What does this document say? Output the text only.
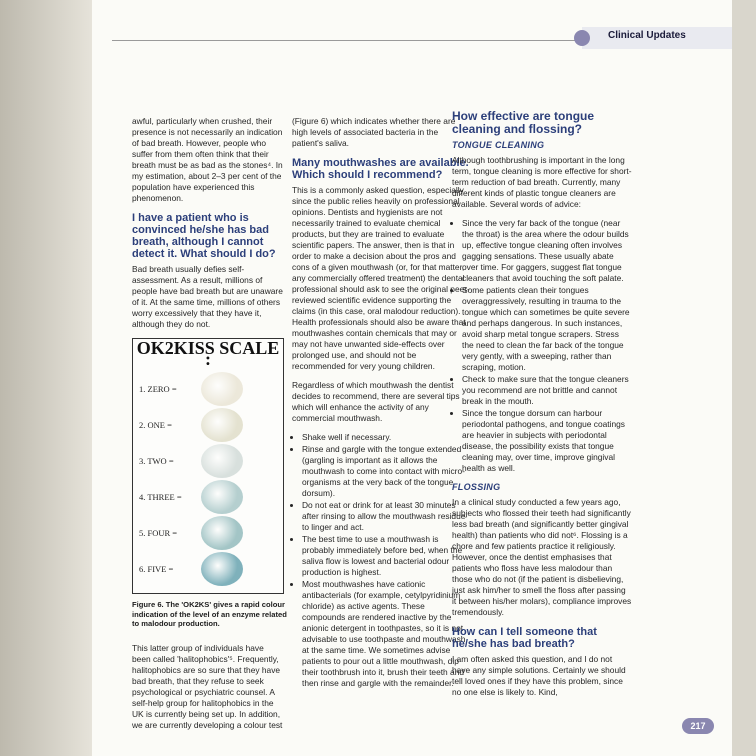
Clinical Updates

awful, particularly when crushed, their presence is not necessarily an indication of bad breath. However, people who suffer from them often think that their breath must be as bad as the stones⁴. In my estimation, about 2–3 per cent of the population have experienced this phenomenon.

I have a patient who is convinced he/she has bad breath, although I cannot detect it. What should I do?

Bad breath usually defies self-assessment. As a result, millions of people have bad breath but are unaware of it. At the same time, millions of others worry excessively that they have it, although they do not.

OK2KISS SCALE :
1. ZERO =
2. ONE =
3. TWO =
4. THREE =
5. FOUR =
6. FIVE =
Figure 6. The 'OK2KS' gives a rapid colour indication of the level of an enzyme related to malodour production.

This latter group of individuals have been called 'halitophobics'⁵. Frequently, halitophobics are so sure that they have bad breath, that they refuse to seek psychological or psychiatric counsel. A self-help group for halitophobics in the UK is currently being set up. In addition, we are currently developing a colour test

(Figure 6) which indicates whether there are high levels of associated bacteria in the patient's saliva.

Many mouthwashes are available. Which should I recommend?

This is a commonly asked question, especially since the public relies heavily on professional opinions. Dentists and hygienists are not necessarily trained to evaluate chemical products, but they are trained to evaluate scientific papers. The answer, then is that in order to make a decision about the pros and cons of a given mouthwash (or, for that matter, any commercially offered treatment) the dental professional should ask to see the original peer-reviewed scientific evidence supporting the claims (in this case, oral malodour reduction). Health professionals should also be aware that mouthwashes contain chemicals that may or may not have unwanted side-effects over prolonged use, and should not be recommended for very young children.

Regardless of which mouthwash the dentist decides to recommend, there are several tips which will enhance the activity of any commercial mouthwash.

• Shake well if necessary.
• Rinse and gargle with the tongue extended (gargling is important as it allows the mouthwash to come into contact with micro-organisms at the very back of the tongue dorsum).
• Do not eat or drink for at least 30 minutes after rinsing to allow the mouthwash residue to linger and act.
• The best time to use a mouthwash is probably immediately before bed, when the saliva flow is lowest and bacterial odour production is highest.
• Most mouthwashes have cationic antibacterials (for example, cetylpyridinium chloride) as active agents. These compounds are rendered inactive by the anionic detergent in toothpastes, so it is not advisable to use toothpaste and mouthwash at the same time. We sometimes advise patients to pour out a little mouthwash, dip their toothbrush into it, brush their teeth and then rinse and gargle with the remainder.
How effective are tongue cleaning and flossing?
TONGUE CLEANING

Although toothbrushing is important in the long term, tongue cleaning is more effective for short-term reduction of bad breath. Currently, many different kinds of plastic tongue cleaners are available. Several words of advice:

• Since the very far back of the tongue (near the throat) is the area where the odour builds up, effective tongue cleaning often involves gagging sensations. These usually abate over time. For gaggers, suggest flat tongue cleaners that avoid touching the soft palate.
• Some patients clean their tongues overaggressively, resulting in trauma to the tongue which can sometimes be quite severe and perhaps dangerous. In such instances, avoid sharp metal tongue scrapers. Stress the need to clean the far back of the tongue very gently, with a sweeping, rather than scraping, motion.
• Check to make sure that the tongue cleaners you recommend are not brittle and cannot break in the mouth.
• Since the tongue dorsum can harbour periodontal pathogens, and tongue coatings are heavier in subjects with periodontal disease, the possibility exists that tongue cleaning may, over time, improve gingival health as well.
FLOSSING

In a clinical study conducted a few years ago, subjects who flossed their teeth had significantly less bad breath (and significantly better gingival health) than patients who did not⁶. Flossing is a chore and few patients practice it religiously. However, once the dentist emphasises that patients who floss have less malodour than those who do not (if the patient is disbelieving, just ask him/her to smell the floss after passing it between his/her molars), compliance improves tremendously.

How can I tell someone that he/she has bad breath?

I am often asked this question, and I do not have any simple solutions. Certainly we should tell loved ones if they have this problem, since no one else is likely to. Kind,

217
